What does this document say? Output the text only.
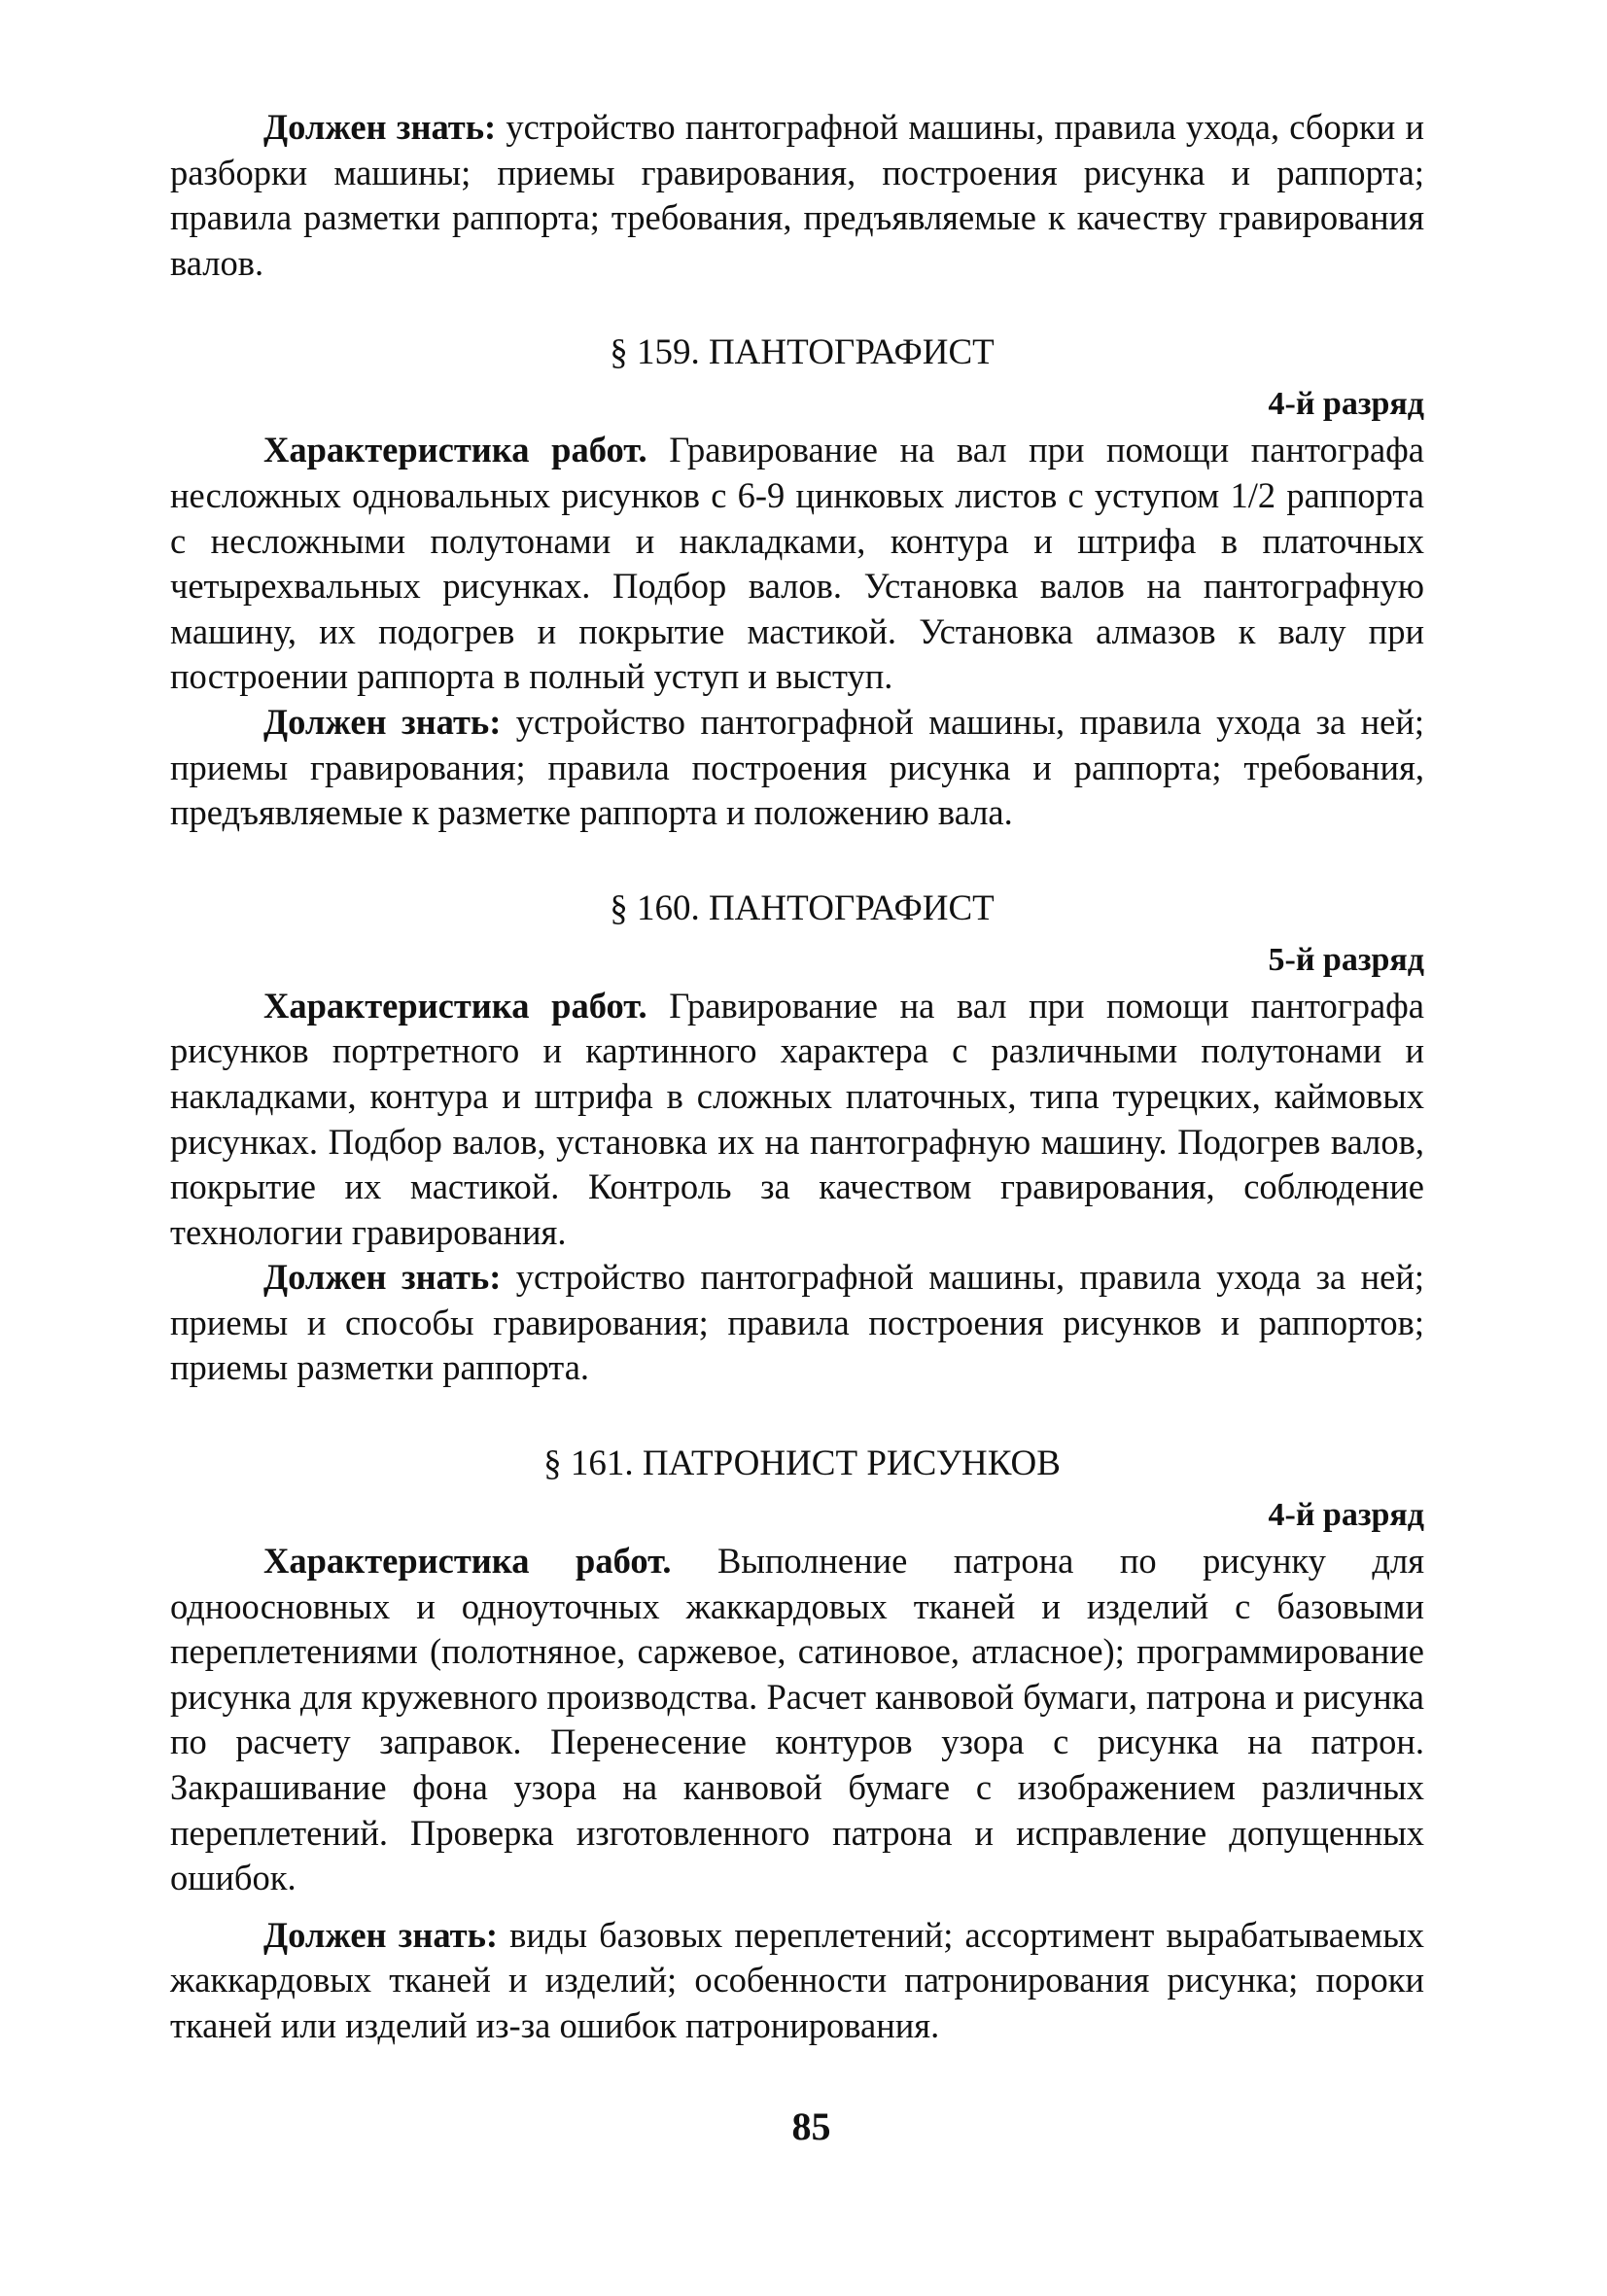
Должен знать: устройство пантографной машины, правила ухода, сборки и разборки машины; приемы гравирования, построения рисунка и раппорта; правила разметки раппорта; требования, предъявляемые к качеству гравирования валов.

§ 159. ПАНТОГРАФИСТ
4-й разряд

Характеристика работ. Гравирование на вал при помощи пантографа несложных одновальных рисунков с 6-9 цинковых листов с уступом 1/2 раппорта с несложными полутонами и накладками, контура и штрифа в платочных четырехвальных рисунках. Подбор валов. Установка валов на пантографную машину, их подогрев и покрытие мастикой. Установка алмазов к валу при построении раппорта в полный уступ и выступ.

Должен знать: устройство пантографной машины, правила ухода за ней; приемы гравирования; правила построения рисунка и раппорта; требования, предъявляемые к разметке раппорта и положению вала.

§ 160. ПАНТОГРАФИСТ
5-й разряд

Характеристика работ. Гравирование на вал при помощи пантографа рисунков портретного и картинного характера с различными полутонами и накладками, контура и штрифа в сложных платочных, типа турецких, каймовых рисунках. Подбор валов, установка их на пантографную машину. Подогрев валов, покрытие их мастикой. Контроль за качеством гравирования, соблюдение технологии гравирования.

Должен знать: устройство пантографной машины, правила ухода за ней; приемы и способы гравирования; правила построения рисунков и раппортов; приемы разметки раппорта.

§ 161. ПАТРОНИСТ РИСУНКОВ
4-й разряд

Характеристика работ. Выполнение патрона по рисунку для одноосновных и одноуточных жаккардовых тканей и изделий с базовыми переплетениями (полотняное, саржевое, сатиновое, атласное); программирование рисунка для кружевного производства. Расчет канвовой бумаги, патрона и рисунка по расчету заправок. Перенесение контуров узора с рисунка на патрон. Закрашивание фона узора на канвовой бумаге с изображением различных переплетений. Проверка изготовленного патрона и исправление допущенных ошибок.

Должен знать: виды базовых переплетений; ассортимент вырабатываемых жаккардовых тканей и изделий; особенности патронирования рисунка; пороки тканей или изделий из-за ошибок патронирования.

85
